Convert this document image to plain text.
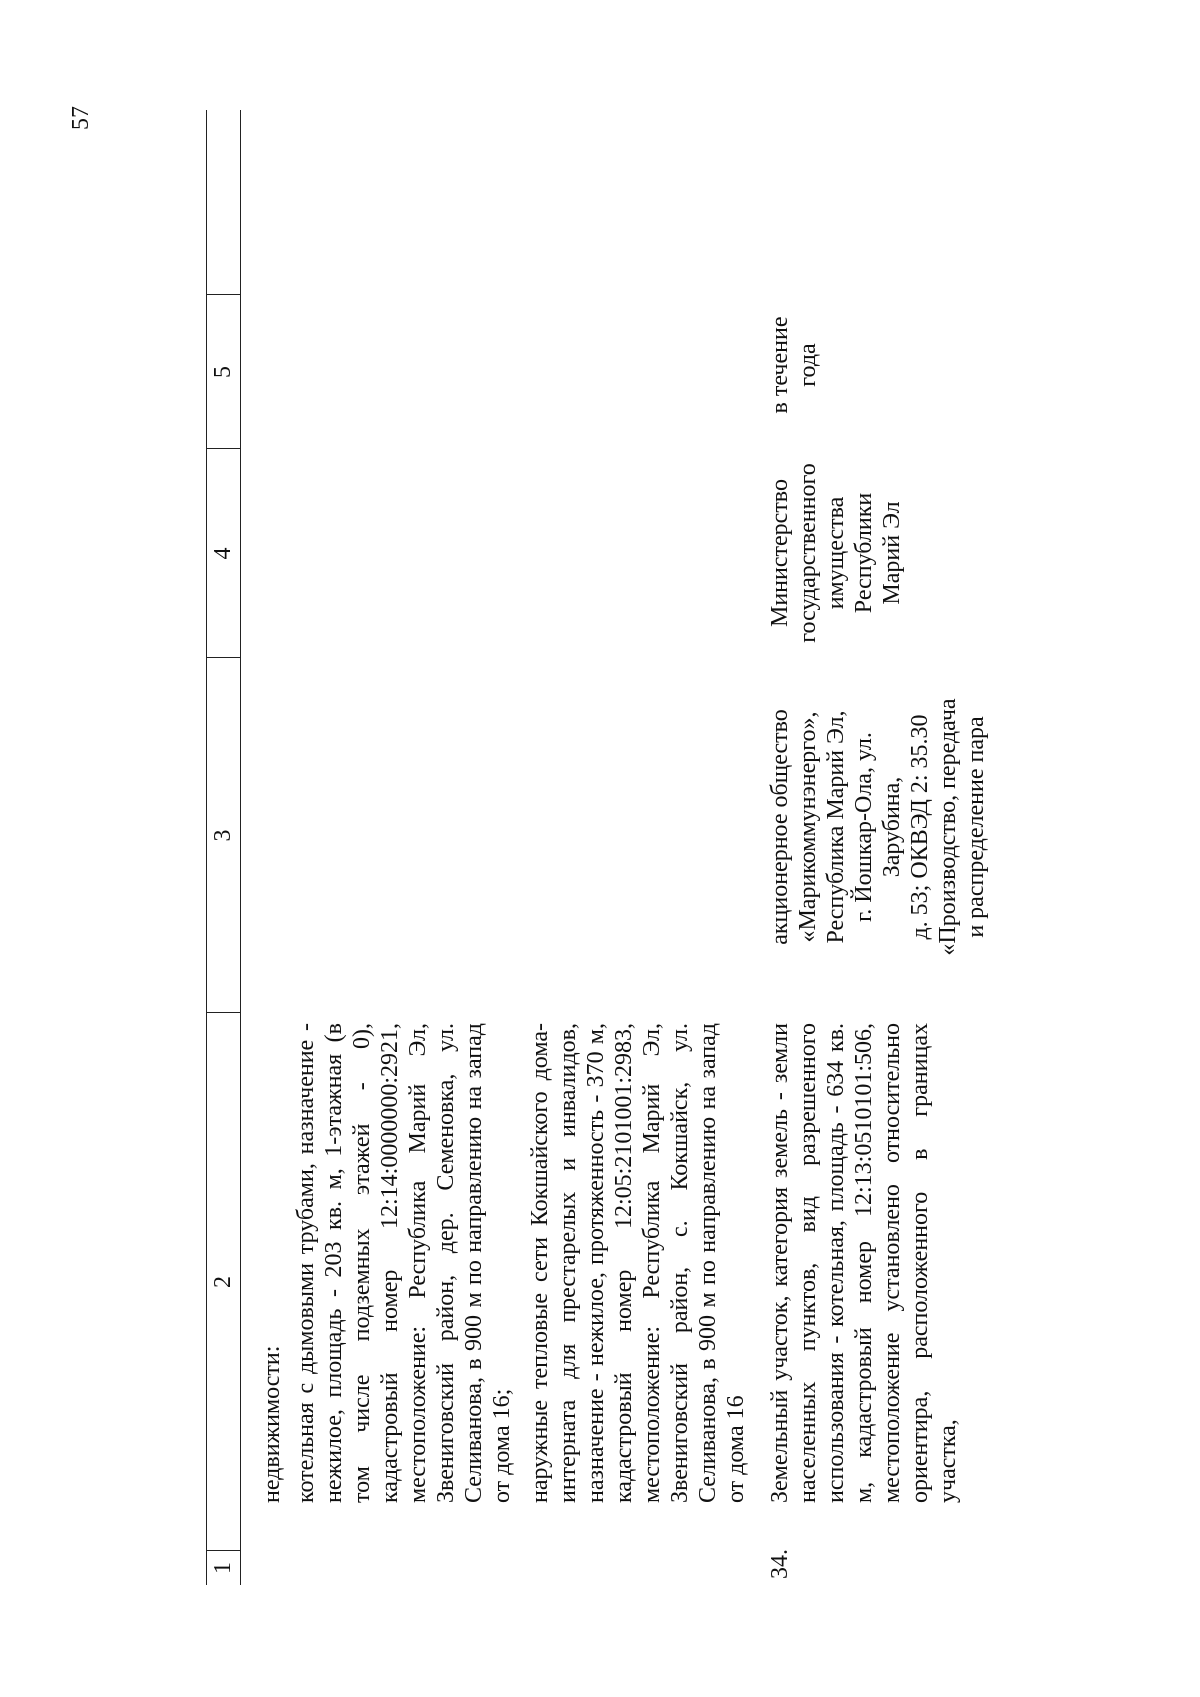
57
1
2
3
4
5

недвижимости: котельная с дымовыми трубами, назначение - нежилое, площадь - 203 кв. м, 1-этажная (в том числе подземных этажей - 0), кадастровый номер 12:14:0000000:2921, местоположение: Республика Марий Эл, Звениговский район, дер. Семеновка, ул. Селиванова, в 900 м по направлению на запад от дома 16; наружные тепловые сети Кокшайского дома-интерната для престарелых и инвалидов, назначение - нежилое, протяженность - 370 м, кадастровый номер 12:05:2101001:2983, местоположение: Республика Марий Эл, Звениговский район, с. Кокшайск, ул. Селиванова, в 900 м по направлению на запад от дома 16

34.

Земельный участок, категория земель - земли населенных пунктов, вид разрешенного использования - котельная, площадь - 634 кв. м, кадастровый номер 12:13:0510101:506, местоположение установлено относительно ориентира, расположенного в границах участка,

акционерное общество «Марикоммунэнерго», Республика Марий Эл, г. Йошкар-Ола, ул. Зарубина, д. 53; ОКВЭД 2: 35.30 «Производство, передача и распределение пара

Министерство государственного имущества Республики Марий Эл

в течение года
